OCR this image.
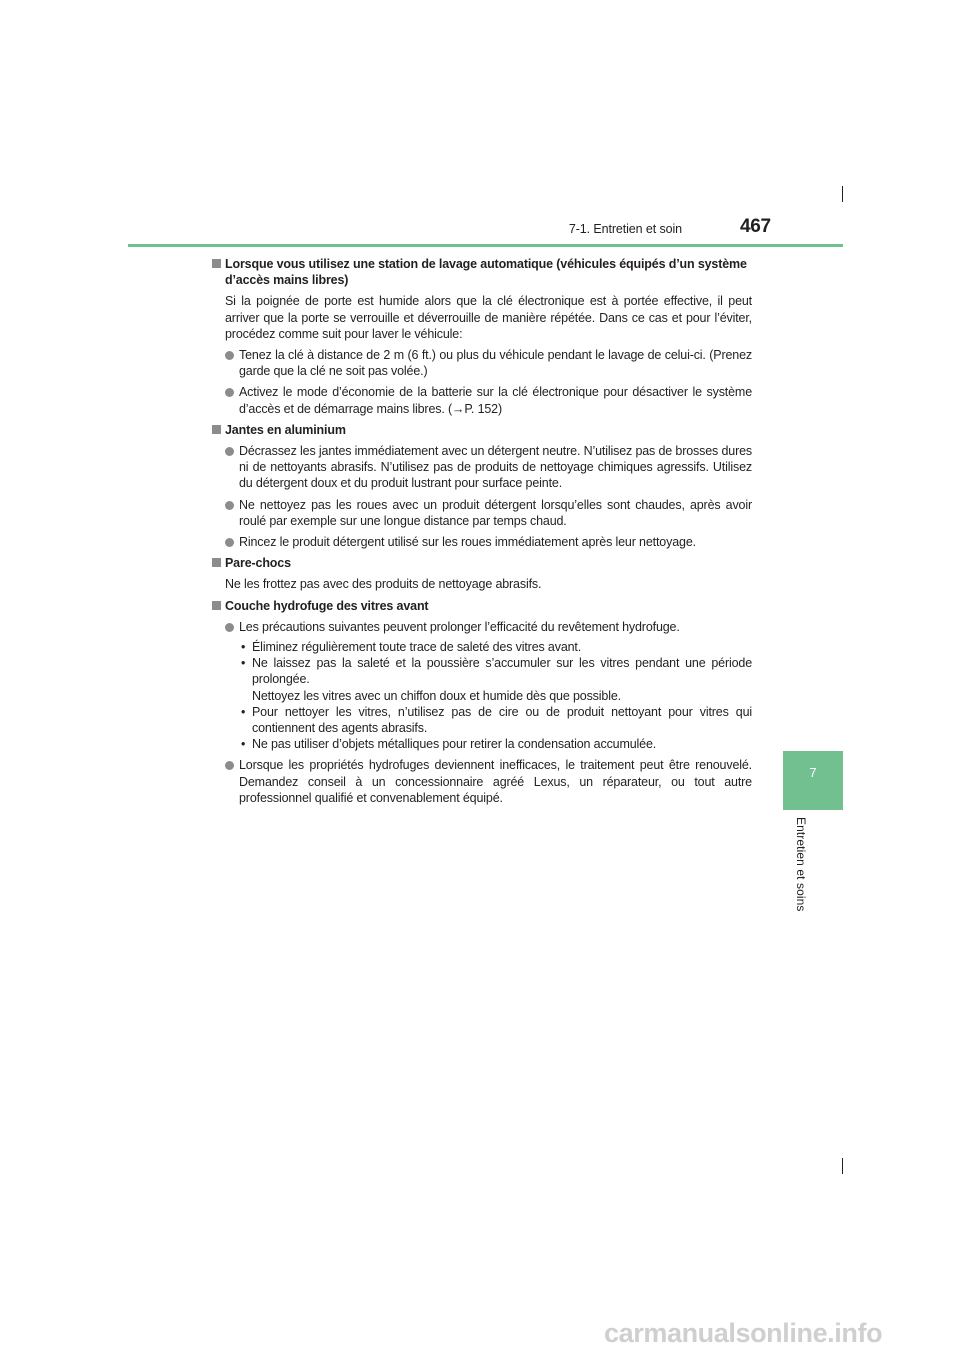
7-1. Entretien et soin	467
7
Entretien et soins
Lorsque vous utilisez une station de lavage automatique (véhicules équipés d’un système d’accès mains libres)
Si la poignée de porte est humide alors que la clé électronique est à portée effective, il peut arriver que la porte se verrouille et déverrouille de manière répétée. Dans ce cas et pour l’éviter, procédez comme suit pour laver le véhicule:
Tenez la clé à distance de 2 m (6 ft.) ou plus du véhicule pendant le lavage de celui-ci. (Prenez garde que la clé ne soit pas volée.)
Activez le mode d’économie de la batterie sur la clé électronique pour désactiver le système d’accès et de démarrage mains libres. (→P. 152)
Jantes en aluminium
Décrassez les jantes immédiatement avec un détergent neutre. N’utilisez pas de brosses dures ni de nettoyants abrasifs. N’utilisez pas de produits de nettoyage chimiques agressifs. Utilisez du détergent doux et du produit lustrant pour surface peinte.
Ne nettoyez pas les roues avec un produit détergent lorsqu’elles sont chaudes, après avoir roulé par exemple sur une longue distance par temps chaud.
Rincez le produit détergent utilisé sur les roues immédiatement après leur nettoyage.
Pare-chocs
Ne les frottez pas avec des produits de nettoyage abrasifs.
Couche hydrofuge des vitres avant
Les précautions suivantes peuvent prolonger l’efficacité du revêtement hydrofuge.
• Éliminez régulièrement toute trace de saleté des vitres avant.
• Ne laissez pas la saleté et la poussière s’accumuler sur les vitres pendant une période prolongée.
Nettoyez les vitres avec un chiffon doux et humide dès que possible.
• Pour nettoyer les vitres, n’utilisez pas de cire ou de produit nettoyant pour vitres qui contiennent des agents abrasifs.
• Ne pas utiliser d’objets métalliques pour retirer la condensation accumulée.
Lorsque les propriétés hydrofuges deviennent inefficaces, le traitement peut être renouvelé. Demandez conseil à un concessionnaire agréé Lexus, un réparateur, ou tout autre professionnel qualifié et convenablement équipé.
carmanualsonline.info
